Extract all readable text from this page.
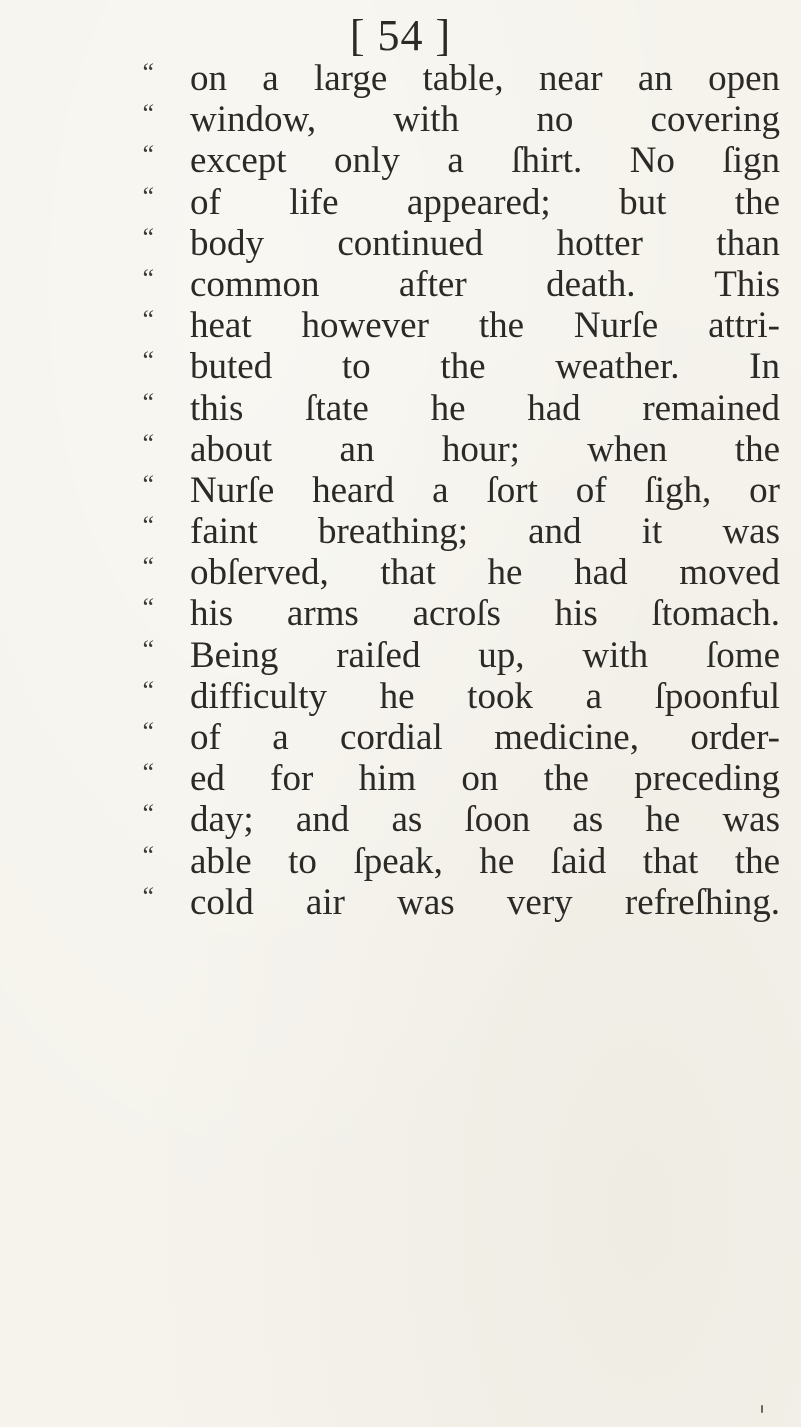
[ 54 ]
“ on a large table, near an open
“ window, with no covering
“ except only a ſhirt. No ſign
“ of life appeared; but the
“ body continued hotter than
“ common after death. This
“ heat however the Nurſe attri-
“ buted to the weather. In
“ this ſtate he had remained
“ about an hour; when the
“ Nurſe heard a ſort of ſigh, or
“ faint breathing; and it was
“ obſerved, that he had moved
“ his arms acroſs his ſtomach.
“ Being raiſed up, with ſome
“ difficulty he took a ſpoonful
“ of a cordial medicine, order-
“ ed for him on the preceding
“ day; and as ſoon as he was
“ able to ſpeak, he ſaid that the
“ cold air was very refreſhing.
